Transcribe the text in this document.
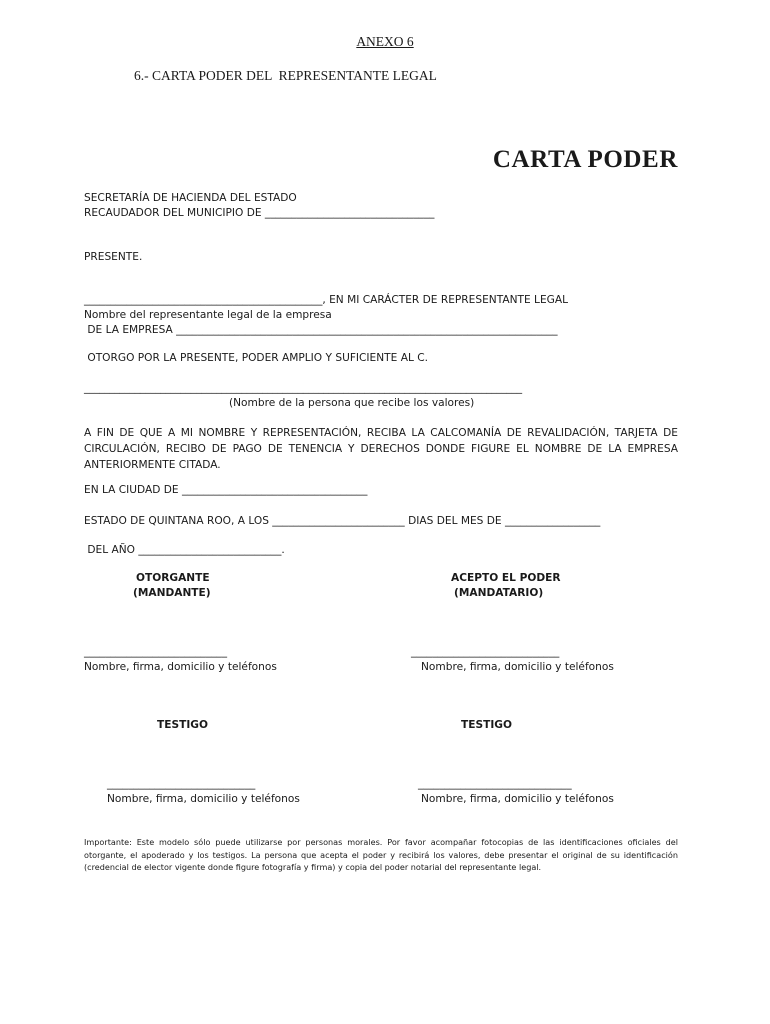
ANEXO 6
6.- CARTA PODER DEL  REPRESENTANTE LEGAL
CARTA PODER
SECRETARÍA DE HACIENDA DEL ESTADO
RECAUDADOR DEL MUNICIPIO DE ________________________________
PRESENTE.
_____________________________________________, EN MI CARÁCTER DE REPRESENTANTE LEGAL
Nombre del representante legal de la empresa
DE LA EMPRESA ________________________________________________________________________
OTORGO POR LA PRESENTE, PODER AMPLIO Y SUFICIENTE AL C.
______________________________________________________________________________________
(Nombre de la persona que recibe los valores)
A FIN DE QUE A MI NOMBRE Y REPRESENTACIÓN, RECIBA LA CALCOMANÍA DE REVALIDACIÓN, TARJETA DE
CIRCULACIÓN, RECIBO DE PAGO DE TENENCIA Y DERECHOS DONDE FIGURE EL NOMBRE DE LA EMPRESA
ANTERIORMENTE CITADA.
EN LA CIUDAD DE ___________________________________
ESTADO DE QUINTANA ROO, A LOS _________________________ DIAS DEL MES DE __________________
DEL AÑO ___________________________.
OTORGANTE
(MANDANTE)
ACEPTO EL PODER
(MANDATARIO)
___________________________	____________________________
Nombre, firma, domicilio y teléfonos	Nombre, firma, domicilio y teléfonos
TESTIGO	TESTIGO
____________________________	_____________________________
Nombre, firma, domicilio y teléfonos	Nombre, firma, domicilio y teléfonos
Importante: Este modelo sólo puede utilizarse por personas morales. Por favor acompañar fotocopias de las identificaciones oficiales del
otorgante, el apoderado y los testigos. La persona que acepta el poder y recibirá los valores, debe presentar el original de su identificación
(credencial de elector vigente donde figure fotografía y firma) y copia del poder notarial del representante legal.
